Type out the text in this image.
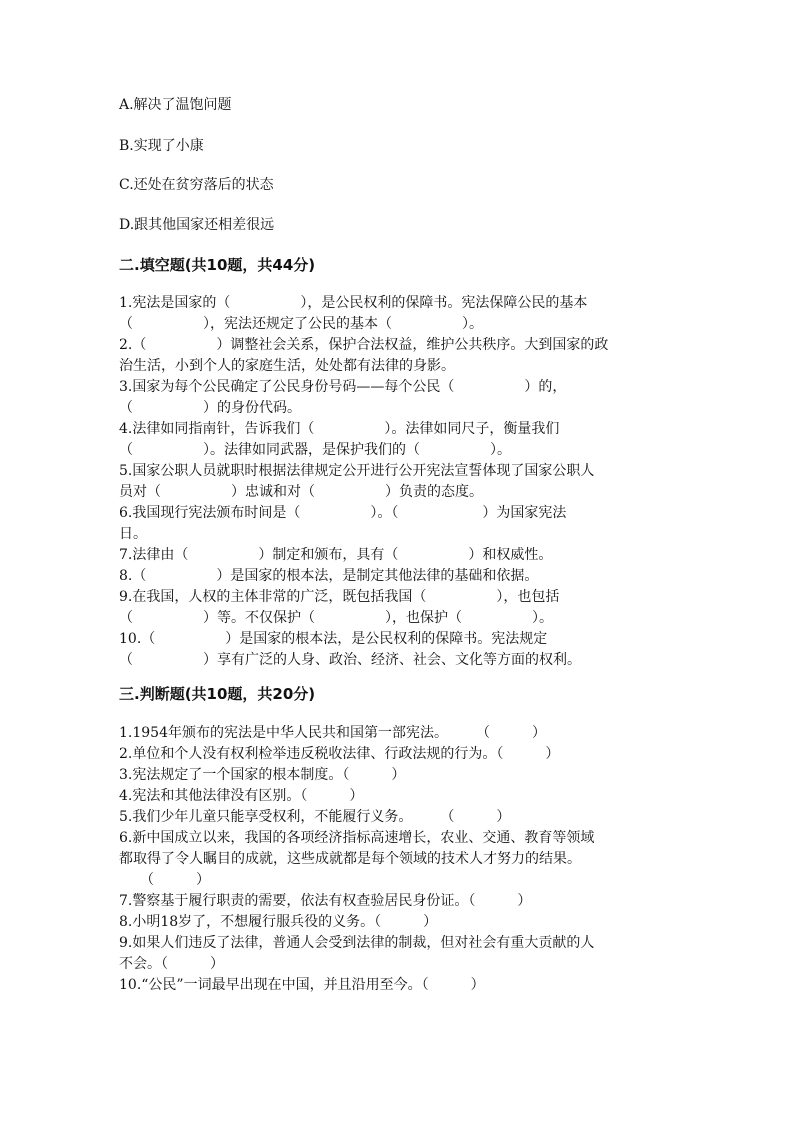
A.解决了温饱问题
B.实现了小康
C.还处在贫穷落后的状态
D.跟其他国家还相差很远
二.填空题(共10题，共44分)
1.宪法是国家的（　　　　　），是公民权利的保障书。宪法保障公民的基本
（　　　　　），宪法还规定了公民的基本（　　　　　）。
2.（　　　　　）调整社会关系，保护合法权益，维护公共秩序。大到国家的政
治生活，小到个人的家庭生活，处处都有法律的身影。
3.国家为每个公民确定了公民身份号码——每个公民（　　　　　）的，
（　　　　　）的身份代码。
4.法律如同指南针，告诉我们（　　　　　）。法律如同尺子，衡量我们
（　　　　　）。法律如同武器，是保护我们的（　　　　　）。
5.国家公职人员就职时根据法律规定公开进行公开宪法宣誓体现了国家公职人
员对（　　　　　）忠诚和对（　　　　　）负责的态度。
6.我国现行宪法颁布时间是（　　　　　）。（　　　　　　）为国家宪法
日。
7.法律由（　　　　　）制定和颁布，具有（　　　　　）和权威性。
8.（　　　　　）是国家的根本法，是制定其他法律的基础和依据。
9.在我国，人权的主体非常的广泛，既包括我国（　　　　　），也包括
（　　　　　）等。不仅保护（　　　　　），也保护（　　　　　）。
10.（　　　　　）是国家的根本法，是公民权利的保障书。宪法规定
（　　　　　）享有广泛的人身、政治、经济、社会、文化等方面的权利。
三.判断题(共10题，共20分)
1.1954年颁布的宪法是中华人民共和国第一部宪法。　　　（　　　）
2.单位和个人没有权利检举违反税收法律、行政法规的行为。（　　　）
3.宪法规定了一个国家的根本制度。（　　　）
4.宪法和其他法律没有区别。（　　　）
5.我们少年儿童只能享受权利，不能履行义务。　　　（　　　）
6.新中国成立以来，我国的各项经济指标高速增长，农业、交通、教育等领域
都取得了令人瞩目的成就，这些成就都是每个领域的技术人才努力的结果。
　　（　　　）
7.警察基于履行职责的需要，依法有权查验居民身份证。（　　　）
8.小明18岁了，不想履行服兵役的义务。（　　　）
9.如果人们违反了法律，普通人会受到法律的制裁，但对社会有重大贡献的人
不会。（　　　）
10.“公民”一词最早出现在中国，并且沿用至今。（　　　）
